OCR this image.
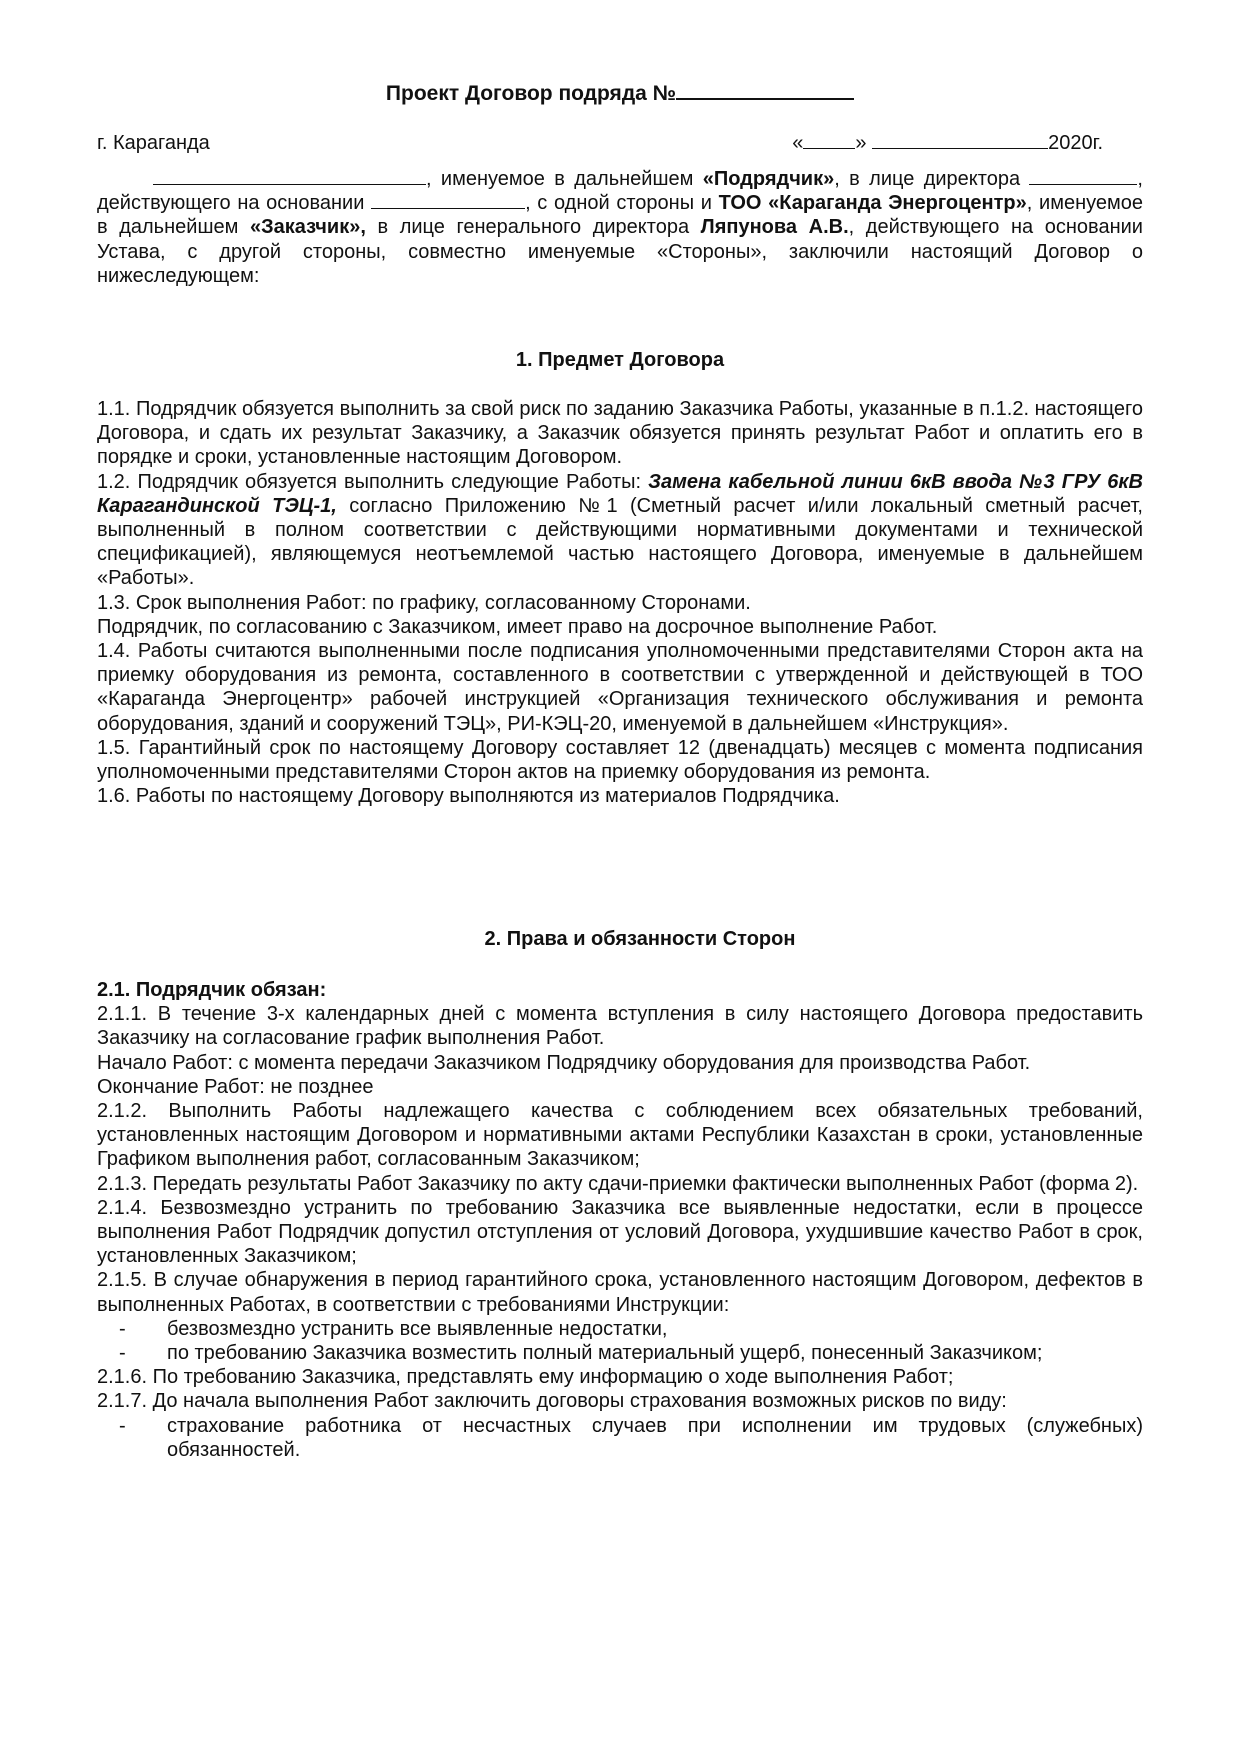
Проект Договор подряда №
г. Караганда	«	»	2020г.

, именуемое в дальнейшем «Подрядчик», в лице директора	, действующего на основании	, с одной стороны и ТОО «Караганда Энергоцентр», именуемое в дальнейшем «Заказчик», в лице генерального директора Ляпунова А.В., действующего на основании Устава, с другой стороны, совместно именуемые «Стороны», заключили настоящий Договор о нижеследующем:

1. Предмет Договора

1.1. Подрядчик обязуется выполнить за свой риск по заданию Заказчика Работы, указанные в п.1.2. настоящего Договора, и сдать их результат Заказчику, а Заказчик обязуется принять результат Работ и оплатить его в порядке и сроки, установленные настоящим Договором.

1.2. Подрядчик обязуется выполнить следующие Работы: Замена кабельной линии 6кВ ввода №3 ГРУ 6кВ Карагандинской ТЭЦ-1, согласно Приложению №1 (Сметный расчет и/или локальный сметный расчет, выполненный в полном соответствии с действующими нормативными документами и технической спецификацией), являющемуся неотъемлемой частью настоящего Договора, именуемые в дальнейшем «Работы».

1.3. Срок выполнения Работ: по графику, согласованному Сторонами.

Подрядчик, по согласованию с Заказчиком, имеет право на досрочное выполнение Работ.

1.4. Работы считаются выполненными после подписания уполномоченными представителями Сторон акта на приемку оборудования из ремонта, составленного в соответствии с утвержденной и действующей в ТОО «Караганда Энергоцентр» рабочей инструкцией «Организация технического обслуживания и ремонта оборудования, зданий и сооружений ТЭЦ», РИ-КЭЦ-20, именуемой в дальнейшем «Инструкция».

1.5. Гарантийный срок по настоящему Договору составляет 12 (двенадцать) месяцев с момента подписания уполномоченными представителями Сторон актов на приемку оборудования из ремонта.

1.6. Работы по настоящему Договору выполняются из материалов Подрядчика.

2. Права и обязанности Сторон

2.1. Подрядчик обязан:

2.1.1. В течение 3-х календарных дней с момента вступления в силу настоящего Договора предоставить Заказчику на согласование график выполнения Работ.

Начало Работ: с момента передачи Заказчиком Подрядчику оборудования для производства Работ.

Окончание Работ: не позднее

2.1.2. Выполнить Работы надлежащего качества с соблюдением всех обязательных требований, установленных настоящим Договором и нормативными актами Республики Казахстан в сроки, установленные Графиком выполнения работ, согласованным Заказчиком;

2.1.3. Передать результаты Работ Заказчику по акту сдачи-приемки фактически выполненных Работ (форма 2).

2.1.4. Безвозмездно устранить по требованию Заказчика все выявленные недостатки, если в процессе выполнения Работ Подрядчик допустил отступления от условий Договора, ухудшившие качество Работ в срок, установленных Заказчиком;

2.1.5. В случае обнаружения в период гарантийного срока, установленного настоящим Договором, дефектов в выполненных Работах, в соответствии с требованиями Инструкции:

- безвозмездно устранить все выявленные недостатки,

- по требованию Заказчика возместить полный материальный ущерб, понесенный Заказчиком;

2.1.6. По требованию Заказчика, представлять ему информацию о ходе выполнения Работ;

2.1.7. До начала выполнения Работ заключить договоры страхования возможных рисков по виду:

- страхование работника от несчастных случаев при исполнении им трудовых (служебных) обязанностей.
